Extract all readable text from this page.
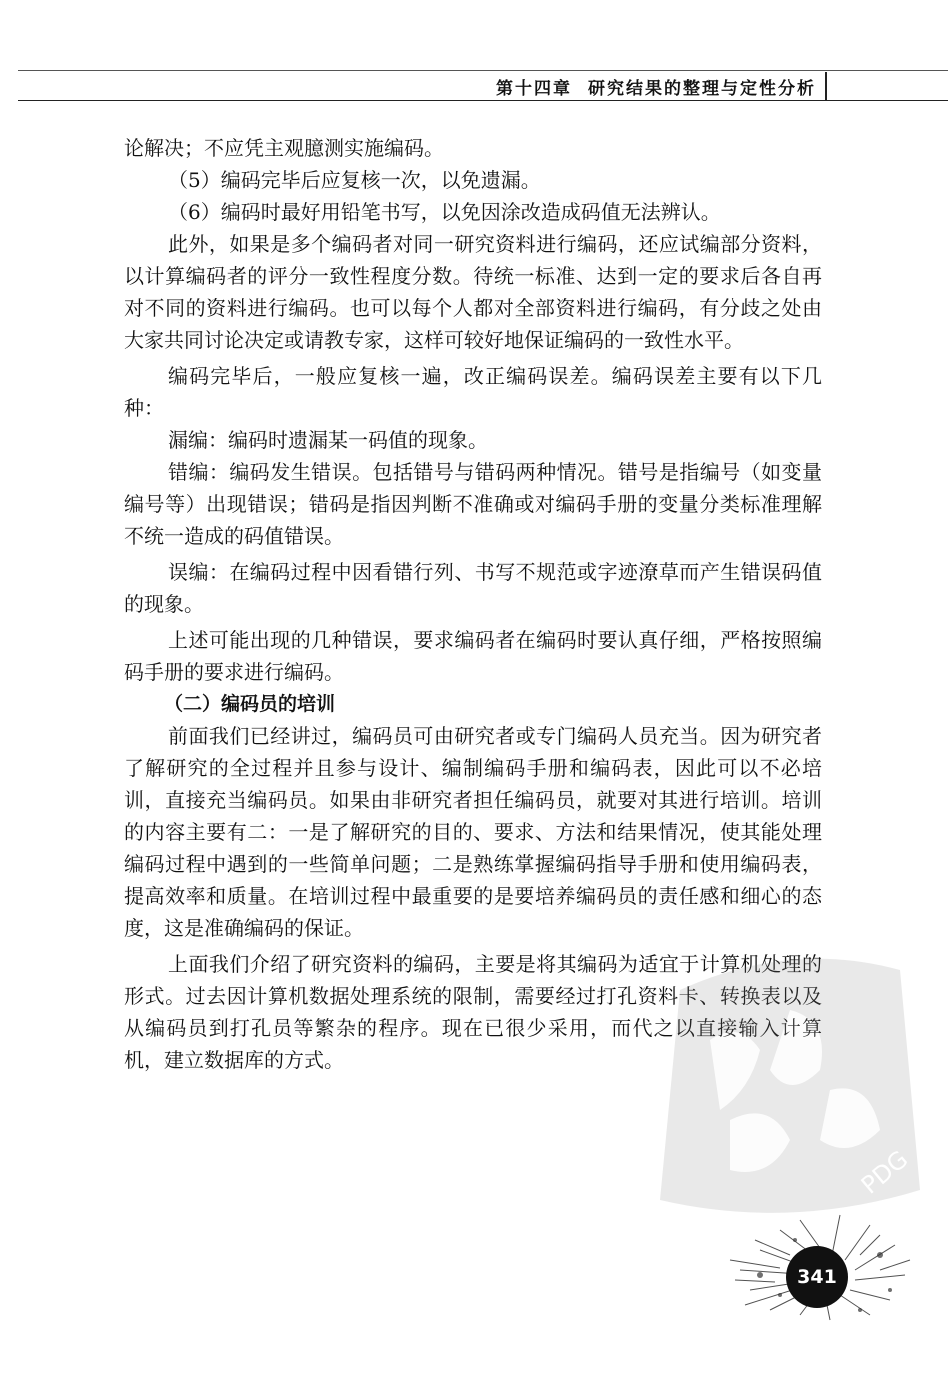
第十四章 研究结果的整理与定性分析

论解决；不应凭主观臆测实施编码。

（5）编码完毕后应复核一次，以免遗漏。

（6）编码时最好用铅笔书写，以免因涂改造成码值无法辨认。

此外，如果是多个编码者对同一研究资料进行编码，还应试编部分资料，以计算编码者的评分一致性程度分数。待统一标准、达到一定的要求后各自再对不同的资料进行编码。也可以每个人都对全部资料进行编码，有分歧之处由大家共同讨论决定或请教专家，这样可较好地保证编码的一致性水平。

编码完毕后，一般应复核一遍，改正编码误差。编码误差主要有以下几种：

漏编：编码时遗漏某一码值的现象。

错编：编码发生错误。包括错号与错码两种情况。错号是指编号（如变量编号等）出现错误；错码是指因判断不准确或对编码手册的变量分类标准理解不统一造成的码值错误。

误编：在编码过程中因看错行列、书写不规范或字迹潦草而产生错误码值的现象。

上述可能出现的几种错误，要求编码者在编码时要认真仔细，严格按照编码手册的要求进行编码。

（二）编码员的培训

前面我们已经讲过，编码员可由研究者或专门编码人员充当。因为研究者了解研究的全过程并且参与设计、编制编码手册和编码表，因此可以不必培训，直接充当编码员。如果由非研究者担任编码员，就要对其进行培训。培训的内容主要有二：一是了解研究的目的、要求、方法和结果情况，使其能处理编码过程中遇到的一些简单问题；二是熟练掌握编码指导手册和使用编码表，提高效率和质量。在培训过程中最重要的是要培养编码员的责任感和细心的态度，这是准确编码的保证。

上面我们介绍了研究资料的编码，主要是将其编码为适宜于计算机处理的形式。过去因计算机数据处理系统的限制，需要经过打孔资料卡、转换表以及从编码员到打孔员等繁杂的程序。现在已很少采用，而代之以直接输入计算机，建立数据库的方式。

PDG
341
